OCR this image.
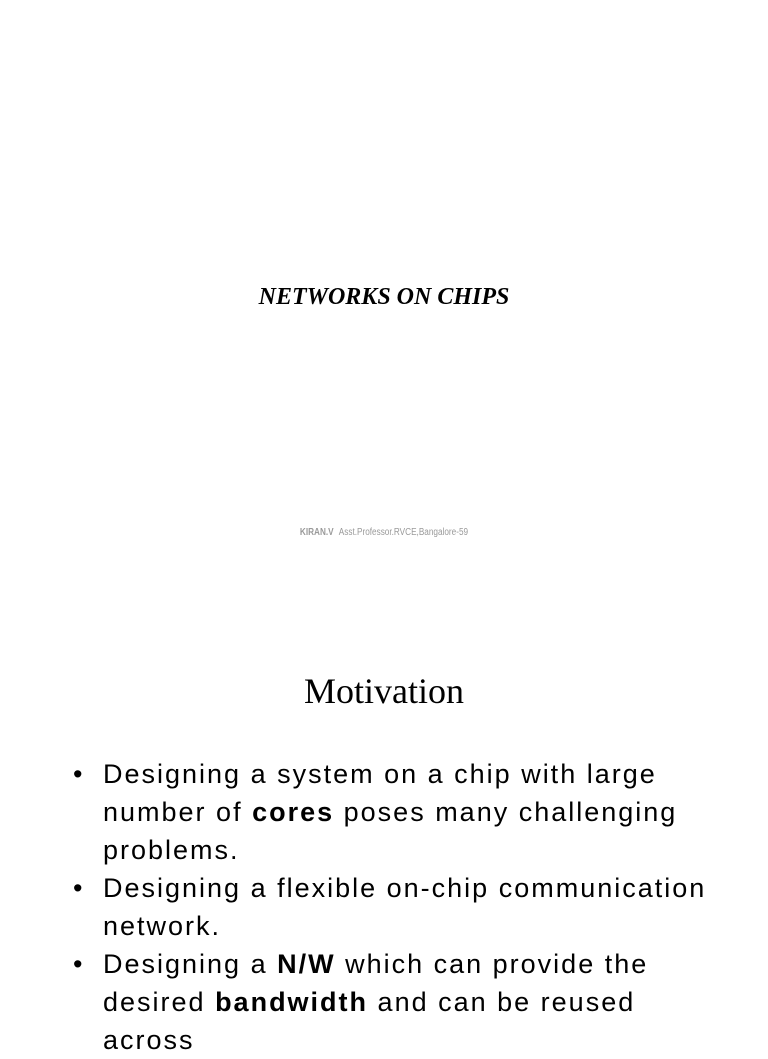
NETWORKS ON CHIPS
KIRAN.V Asst.Professor.RVCE,Bangalore-59
Motivation
• Designing a system on a chip with large number of cores poses many challenging problems.
• Designing a flexible on-chip communication network.
• Designing a N/W which can provide the desired bandwidth and can be reused across
